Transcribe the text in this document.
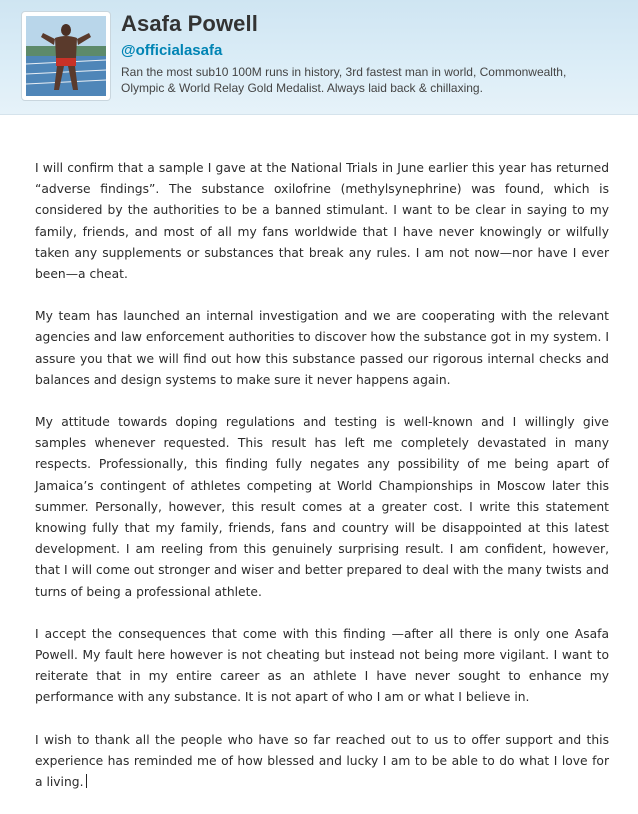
Asafa Powell
@officialasafa

Ran the most sub10 100M runs in history, 3rd fastest man in world, Commonwealth, Olympic & World Relay Gold Medalist. Always laid back & chillaxing.

I will confirm that a sample I gave at the National Trials in June earlier this year has returned “adverse findings”. The substance oxilofrine (methylsynephrine) was found, which is considered by the authorities to be a banned stimulant. I want to be clear in saying to my family, friends, and most of all my fans worldwide that I have never knowingly or wilfully taken any supplements or substances that break any rules. I am not now—nor have I ever been—a cheat.

My team has launched an internal investigation and we are cooperating with the relevant agencies and law enforcement authorities to discover how the substance got in my system. I assure you that we will find out how this substance passed our rigorous internal checks and balances and design systems to make sure it never happens again.

My attitude towards doping regulations and testing is well-known and I willingly give samples whenever requested. This result has left me completely devastated in many respects. Professionally, this finding fully negates any possibility of me being apart of Jamaica’s contingent of athletes competing at World Championships in Moscow later this summer. Personally, however, this result comes at a greater cost. I write this statement knowing fully that my family, friends, fans and country will be disappointed at this latest development. I am reeling from this genuinely surprising result. I am confident, however, that I will come out stronger and wiser and better prepared to deal with the many twists and turns of being a professional athlete.

I accept the consequences that come with this finding —after all there is only one Asafa Powell. My fault here however is not cheating but instead not being more vigilant. I want to reiterate that in my entire career as an athlete I have never sought to enhance my performance with any substance. It is not apart of who I am or what I believe in.

I wish to thank all the people who have so far reached out to us to offer support and this experience has reminded me of how blessed and lucky I am to be able to do what I love for a living.
